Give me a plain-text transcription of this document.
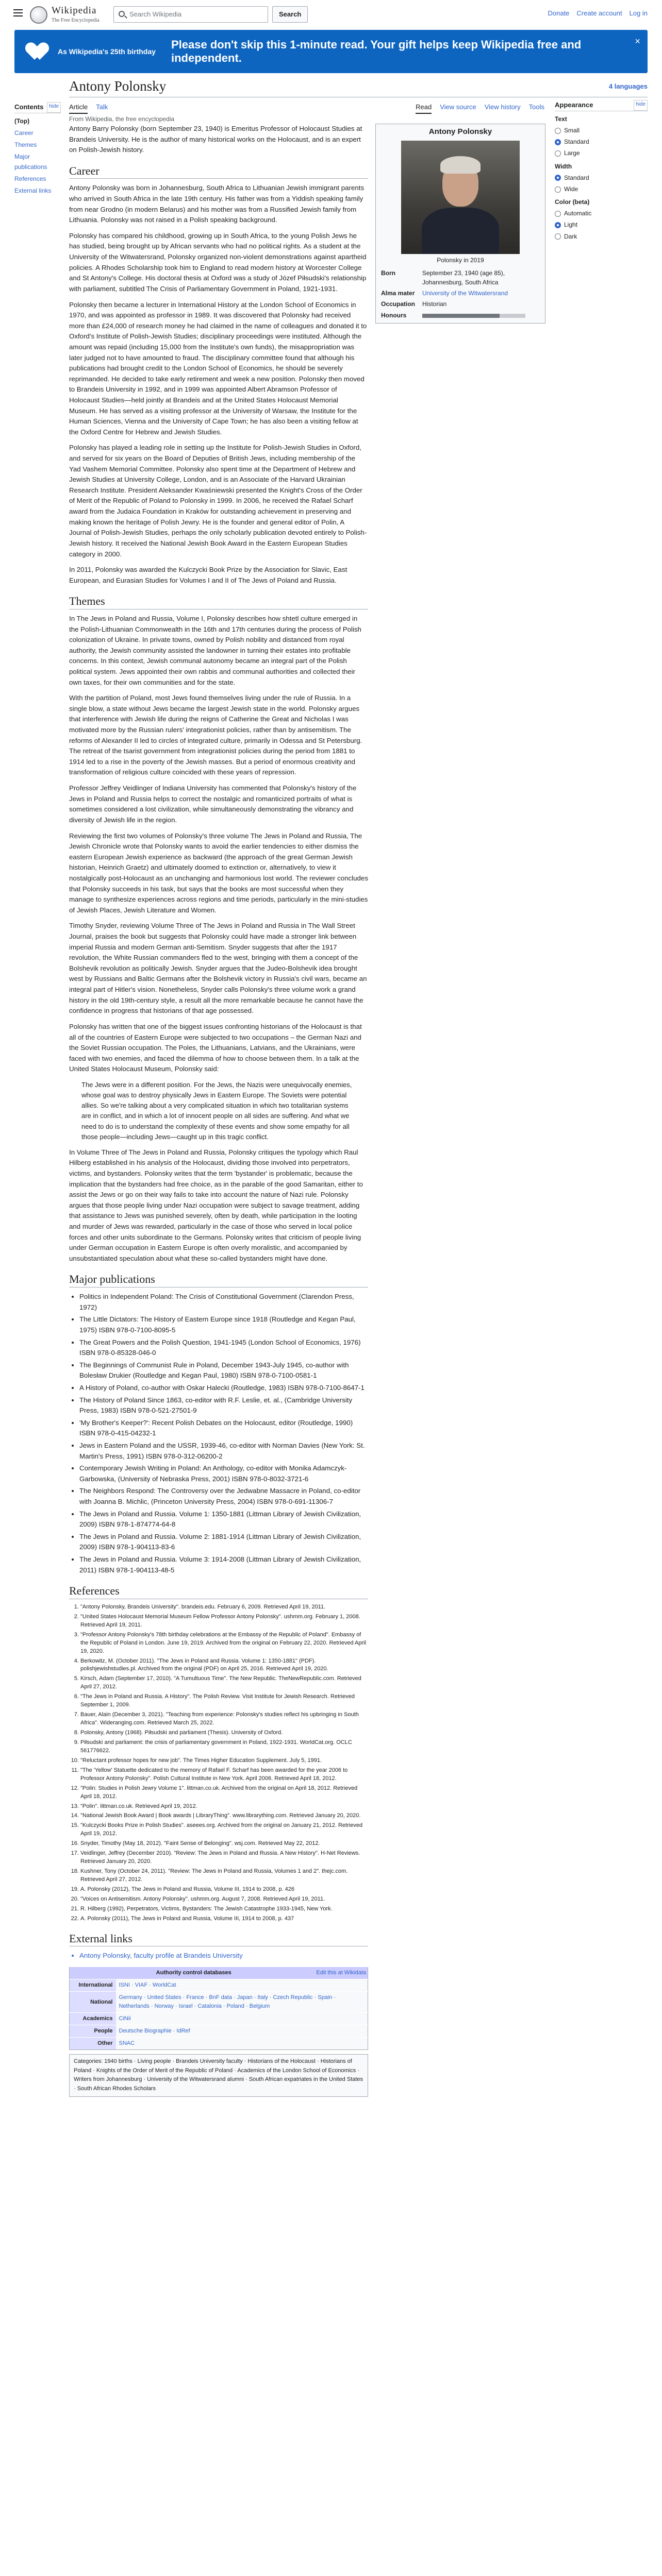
Wikipedia
The Free Encyclopedia
Search Wikipedia	Search	Donate Create account Log in
As Wikipedia's 25th birthday
Please don't skip this 1-minute read. Your gift helps keep Wikipedia free and independent.
×
Antony Polonsky	4 languages
Contents	hide
(Top)
Career
Themes
Major publications
References
External links
Article Talk	Read View source View history Tools
From Wikipedia, the free encyclopedia
Appearance	hide
Text
Small
Standard
Large
Width
Standard
Wide
Color (beta)
Automatic
Light
Dark
Antony Polonsky
Polonsky in 2019
Born	September 23, 1940 (age 85), Johannesburg, South Africa
Alma mater	University of the Witwatersrand
Occupation	Historian
Honours	

Antony Barry Polonsky (born September 23, 1940) is Emeritus Professor of Holocaust Studies at Brandeis University. He is the author of many historical works on the Holocaust, and is an expert on Polish-Jewish history.

Career

Antony Polonsky was born in Johannesburg, South Africa to Lithuanian Jewish immigrant parents who arrived in South Africa in the late 19th century. His father was from a Yiddish speaking family from near Grodno (in modern Belarus) and his mother was from a Russified Jewish family from Lithuania. Polonsky was not raised in a Polish speaking background.

Polonsky has compared his childhood, growing up in South Africa, to the young Polish Jews he has studied, being brought up by African servants who had no political rights. As a student at the University of the Witwatersrand, Polonsky organized non-violent demonstrations against apartheid policies. A Rhodes Scholarship took him to England to read modern history at Worcester College and St Antony's College. His doctoral thesis at Oxford was a study of Józef Piłsudski's relationship with parliament, subtitled The Crisis of Parliamentary Government in Poland, 1921-1931.

Polonsky then became a lecturer in International History at the London School of Economics in 1970, and was appointed as professor in 1989. It was discovered that Polonsky had received more than £24,000 of research money he had claimed in the name of colleagues and donated it to Oxford's Institute of Polish-Jewish Studies; disciplinary proceedings were instituted. Although the amount was repaid (including 15,000 from the Institute's own funds), the misappropriation was later judged not to have amounted to fraud. The disciplinary committee found that although his publications had brought credit to the London School of Economics, he should be severely reprimanded. He decided to take early retirement and week a new position. Polonsky then moved to Brandeis University in 1992, and in 1999 was appointed Albert Abramson Professor of Holocaust Studies—held jointly at Brandeis and at the United States Holocaust Memorial Museum. He has served as a visiting professor at the University of Warsaw, the Institute for the Human Sciences, Vienna and the University of Cape Town; he has also been a visiting fellow at the Oxford Centre for Hebrew and Jewish Studies.

Polonsky has played a leading role in setting up the Institute for Polish-Jewish Studies in Oxford, and served for six years on the Board of Deputies of British Jews, including membership of the Yad Vashem Memorial Committee. Polonsky also spent time at the Department of Hebrew and Jewish Studies at University College, London, and is an Associate of the Harvard Ukrainian Research Institute. President Aleksander Kwaśniewski presented the Knight's Cross of the Order of Merit of the Republic of Poland to Polonsky in 1999. In 2006, he received the Rafael Scharf award from the Judaica Foundation in Kraków for outstanding achievement in preserving and making known the heritage of Polish Jewry. He is the founder and general editor of Polin, A Journal of Polish-Jewish Studies, perhaps the only scholarly publication devoted entirely to Polish-Jewish history. It received the National Jewish Book Award in the Eastern European Studies category in 2000.

In 2011, Polonsky was awarded the Kulczycki Book Prize by the Association for Slavic, East European, and Eurasian Studies for Volumes I and II of The Jews of Poland and Russia.

Themes

In The Jews in Poland and Russia, Volume I, Polonsky describes how shtetl culture emerged in the Polish-Lithuanian Commonwealth in the 16th and 17th centuries during the process of Polish colonization of Ukraine. In private towns, owned by Polish nobility and distanced from royal authority, the Jewish community assisted the landowner in turning their estates into profitable concerns. In this context, Jewish communal autonomy became an integral part of the Polish political system. Jews appointed their own rabbis and communal authorities and collected their own taxes, for their own communities and for the state.

With the partition of Poland, most Jews found themselves living under the rule of Russia. In a single blow, a state without Jews became the largest Jewish state in the world. Polonsky argues that interference with Jewish life during the reigns of Catherine the Great and Nicholas I was motivated more by the Russian rulers' integrationist policies, rather than by antisemitism. The reforms of Alexander II led to circles of integrated culture, primarily in Odessa and St Petersburg. The retreat of the tsarist government from integrationist policies during the period from 1881 to 1914 led to a rise in the poverty of the Jewish masses. But a period of enormous creativity and transformation of religious culture coincided with these years of repression.

Professor Jeffrey Veidlinger of Indiana University has commented that Polonsky's history of the Jews in Poland and Russia helps to correct the nostalgic and romanticized portraits of what is sometimes considered a lost civilization, while simultaneously demonstrating the vibrancy and diversity of Jewish life in the region.

Reviewing the first two volumes of Polonsky's three volume The Jews in Poland and Russia, The Jewish Chronicle wrote that Polonsky wants to avoid the earlier tendencies to either dismiss the eastern European Jewish experience as backward (the approach of the great German Jewish historian, Heinrich Graetz) and ultimately doomed to extinction or, alternatively, to view it nostalgically post-Holocaust as an unchanging and harmonious lost world. The reviewer concludes that Polonsky succeeds in his task, but says that the books are most successful when they manage to synthesize experiences across regions and time periods, particularly in the mini-studies of Jewish Places, Jewish Literature and Women.

Timothy Snyder, reviewing Volume Three of The Jews in Poland and Russia in The Wall Street Journal, praises the book but suggests that Polonsky could have made a stronger link between imperial Russia and modern German anti-Semitism. Snyder suggests that after the 1917 revolution, the White Russian commanders fled to the west, bringing with them a concept of the Bolshevik revolution as politically Jewish. Snyder argues that the Judeo-Bolshevik idea brought west by Russians and Baltic Germans after the Bolshevik victory in Russia's civil wars, became an integral part of Hitler's vision. Nonetheless, Snyder calls Polonsky's three volume work a grand history in the old 19th-century style, a result all the more remarkable because he cannot have the confidence in progress that historians of that age possessed.

Polonsky has written that one of the biggest issues confronting historians of the Holocaust is that all of the countries of Eastern Europe were subjected to two occupations – the German Nazi and the Soviet Russian occupation. The Poles, the Lithuanians, Latvians, and the Ukrainians, were faced with two enemies, and faced the dilemma of how to choose between them. In a talk at the United States Holocaust Museum, Polonsky said:

The Jews were in a different position. For the Jews, the Nazis were unequivocally enemies, whose goal was to destroy physically Jews in Eastern Europe. The Soviets were potential allies. So we're talking about a very complicated situation in which two totalitarian systems are in conflict, and in which a lot of innocent people on all sides are suffering. And what we need to do is to understand the complexity of these events and show some empathy for all those people—including Jews—caught up in this tragic conflict.

In Volume Three of The Jews in Poland and Russia, Polonsky critiques the typology which Raul Hilberg established in his analysis of the Holocaust, dividing those involved into perpetrators, victims, and bystanders. Polonsky writes that the term 'bystander' is problematic, because the implication that the bystanders had free choice, as in the parable of the good Samaritan, either to assist the Jews or go on their way fails to take into account the nature of Nazi rule. Polonsky argues that those people living under Nazi occupation were subject to savage treatment, adding that assistance to Jews was punished severely, often by death, while participation in the looting and murder of Jews was rewarded, particularly in the case of those who served in local police forces and other units subordinate to the Germans. Polonsky writes that criticism of people living under German occupation in Eastern Europe is often overly moralistic, and accompanied by unsubstantiated speculation about what these so-called bystanders might have done.

Major publications
• Politics in Independent Poland: The Crisis of Constitutional Government (Clarendon Press, 1972)
• The Little Dictators: The History of Eastern Europe since 1918 (Routledge and Kegan Paul, 1975) ISBN 978-0-7100-8095-5
• The Great Powers and the Polish Question, 1941-1945 (London School of Economics, 1976) ISBN 978-0-85328-046-0
• The Beginnings of Communist Rule in Poland, December 1943-July 1945, co-author with Bolesław Drukier (Routledge and Kegan Paul, 1980) ISBN 978-0-7100-0581-1
• A History of Poland, co-author with Oskar Halecki (Routledge, 1983) ISBN 978-0-7100-8647-1
• The History of Poland Since 1863, co-editor with R.F. Leslie, et. al., (Cambridge University Press, 1983) ISBN 978-0-521-27501-9
• 'My Brother's Keeper?': Recent Polish Debates on the Holocaust, editor (Routledge, 1990) ISBN 978-0-415-04232-1
• Jews in Eastern Poland and the USSR, 1939-46, co-editor with Norman Davies (New York: St. Martin's Press, 1991) ISBN 978-0-312-06200-2
• Contemporary Jewish Writing in Poland: An Anthology, co-editor with Monika Adamczyk-Garbowska, (University of Nebraska Press, 2001) ISBN 978-0-8032-3721-6
• The Neighbors Respond: The Controversy over the Jedwabne Massacre in Poland, co-editor with Joanna B. Michlic, (Princeton University Press, 2004) ISBN 978-0-691-11306-7
• The Jews in Poland and Russia. Volume 1: 1350-1881 (Littman Library of Jewish Civilization, 2009) ISBN 978-1-874774-64-8
• The Jews in Poland and Russia. Volume 2: 1881-1914 (Littman Library of Jewish Civilization, 2009) ISBN 978-1-904113-83-6
• The Jews in Poland and Russia. Volume 3: 1914-2008 (Littman Library of Jewish Civilization, 2011) ISBN 978-1-904113-48-5
References
1. "Antony Polonsky, Brandeis University". brandeis.edu. February 6, 2009. Retrieved April 19, 2011.
2. "United States Holocaust Memorial Museum Fellow Professor Antony Polonsky". ushmm.org. February 1, 2008. Retrieved April 19, 2011.
3. "Professor Antony Polonsky's 78th birthday celebrations at the Embassy of the Republic of Poland". Embassy of the Republic of Poland in London. June 19, 2019. Archived from the original on February 22, 2020. Retrieved April 19, 2020.
4. Berkowitz, M. (October 2011). "The Jews in Poland and Russia. Volume 1: 1350-1881" (PDF). polishjewishstudies.pl. Archived from the original (PDF) on April 25, 2016. Retrieved April 19, 2020.
5. Kirsch, Adam (September 17, 2010). "A Tumultuous Time". The New Republic. TheNewRepublic.com. Retrieved April 27, 2012.
6. "The Jews in Poland and Russia. A History". The Polish Review. Visit Institute for Jewish Research. Retrieved September 1, 2009.
7. Bauer, Alain (December 3, 2021). "Teaching from experience: Polonsky's studies reflect his upbringing in South Africa". Wideranging.com. Retrieved March 25, 2022.
8. Polonsky, Antony (1968). Piłsudski and parliament (Thesis). University of Oxford.
9. Piłsudski and parliament: the crisis of parliamentary government in Poland, 1922-1931. WorldCat.org. OCLC 561776622.
10. "Reluctant professor hopes for new job". The Times Higher Education Supplement. July 5, 1991.
11. "The 'Yellow' Statuette dedicated to the memory of Rafael F. Scharf has been awarded for the year 2006 to Professor Antony Polonsky". Polish Cultural Institute in New York. April 2006. Retrieved April 18, 2012.
12. "Polin: Studies in Polish Jewry Volume 1". littman.co.uk. Archived from the original on April 18, 2012. Retrieved April 18, 2012.
13. "Polin". littman.co.uk. Retrieved April 19, 2012.
14. "National Jewish Book Award | Book awards | LibraryThing". www.librarything.com. Retrieved January 20, 2020.
15. "Kulczycki Books Prize in Polish Studies". aseees.org. Archived from the original on January 21, 2012. Retrieved April 19, 2012.
16. Snyder, Timothy (May 18, 2012). "Faint Sense of Belonging". wsj.com. Retrieved May 22, 2012.
17. Veidlinger, Jeffrey (December 2010). "Review: The Jews in Poland and Russia. A New History". H-Net Reviews. Retrieved January 20, 2020.
18. Kushner, Tony (October 24, 2011). "Review: The Jews in Poland and Russia, Volumes 1 and 2". thejc.com. Retrieved April 27, 2012.
19. A. Polonsky (2012), The Jews in Poland and Russia, Volume III, 1914 to 2008, p. 426
20. "Voices on Antisemitism. Antony Polonsky". ushmm.org. August 7, 2008. Retrieved April 19, 2011.
21. R. Hilberg (1992), Perpetrators, Victims, Bystanders: The Jewish Catastrophe 1933-1945, New York.
22. A. Polonsky (2011), The Jews in Poland and Russia, Volume III, 1914 to 2008, p. 437
External links
• Antony Polonsky, faculty profile at Brandeis University
Authority control databases Edit this at Wikidata	

International	ISNI · VIAF · WorldCat
National	Germany · United States · France · BnF data · Japan · Italy · Czech Republic · Spain · Netherlands · Norway · Israel · Catalonia · Poland · Belgium
Academics	CiNii
People	Deutsche Biographie · IdRef
Other	SNAC
Categories: 1940 births · Living people · Brandeis University faculty · Historians of the Holocaust · Historians of Poland · Knights of the Order of Merit of the Republic of Poland · Academics of the London School of Economics · Writers from Johannesburg · University of the Witwatersrand alumni · South African expatriates in the United States · South African Rhodes Scholars
